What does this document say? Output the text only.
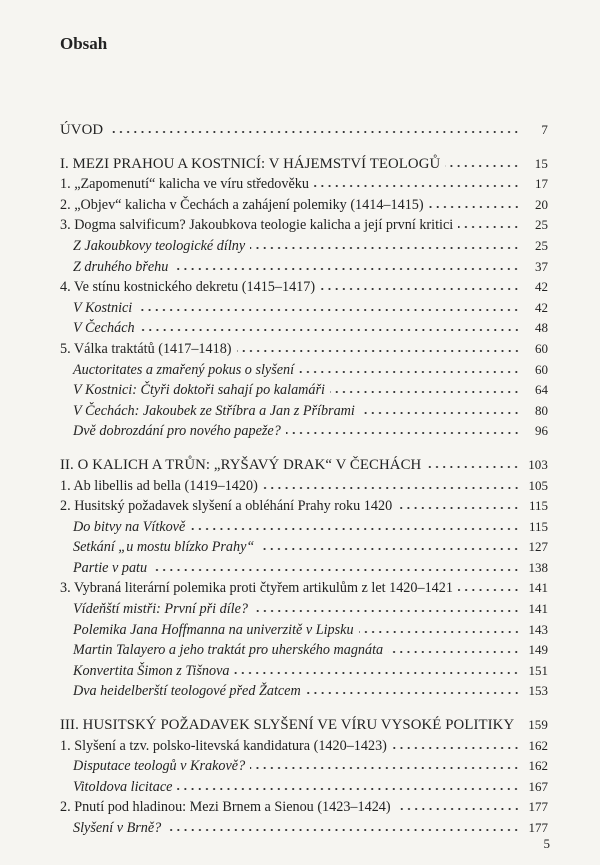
Obsah
ÚVOD	7
I. MEZI PRAHOU A KOSTNICÍ: V HÁJEMSTVÍ TEOLOGŮ	15
1. „Zapomenutí“ kalicha ve víru středověku	17
2. „Objev“ kalicha v Čechách a zahájení polemiky (1414–1415)	20
3. Dogma salvificum? Jakoubkova teologie kalicha a její první kritici	25
Z Jakoubkovy teologické dílny	25
Z druhého břehu	37
4. Ve stínu kostnického dekretu (1415–1417)	42
V Kostnici	42
V Čechách	48
5. Válka traktátů (1417–1418)	60
Auctoritates a zmařený pokus o slyšení	60
V Kostnici: Čtyři doktoři sahají po kalamáři	64
V Čechách: Jakoubek ze Stříbra a Jan z Příbrami	80
Dvě dobrozdání pro nového papeže?	96
II. O KALICH A TRŮN: „RYŠAVÝ DRAK“ V ČECHÁCH	103
1. Ab libellis ad bella (1419–1420)	105
2. Husitský požadavek slyšení a obléhání Prahy roku 1420	115
Do bitvy na Vítkově	115
Setkání „u mostu blízko Prahy“	127
Partie v patu	138
3. Vybraná literární polemika proti čtyřem artikulům z let 1420–1421	141
Vídeňští mistři: První při díle?	141
Polemika Jana Hoffmanna na univerzitě v Lipsku	143
Martin Talayero a jeho traktát pro uherského magnáta	149
Konvertita Šimon z Tišnova	151
Dva heidelberští teologové před Žatcem	153
III. HUSITSKÝ POŽADAVEK SLYŠENÍ VE VÍRU VYSOKÉ POLITIKY 159
1. Slyšení a tzv. polsko-litevská kandidatura (1420–1423)	162
Disputace teologů v Krakově?	162
Vitoldova licitace	167
2. Pnutí pod hladinou: Mezi Brnem a Sienou (1423–1424)	177
Slyšení v Brně?	177
5
